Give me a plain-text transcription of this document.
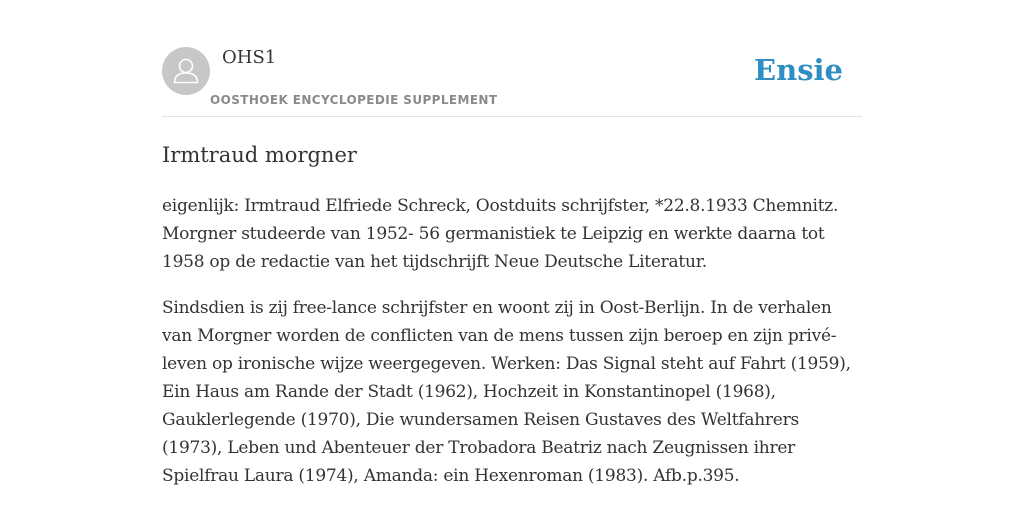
OHS1
OOSTHOEK ENCYCLOPEDIE SUPPLEMENT
Ensie
Irmtraud morgner

eigenlijk: Irmtraud Elfriede Schreck, Oostduits schrijfster, *22.8.1933 Chemnitz. Morgner studeerde van 1952- 56 germanistiek te Leipzig en werkte daarna tot 1958 op de redactie van het tijdschrijft Neue Deutsche Literatur.

Sindsdien is zij free-lance schrijfster en woont zij in Oost-Berlijn. In de verhalen van Morgner worden de conflicten van de mens tussen zijn beroep en zijn privé-leven op ironische wijze weergegeven. Werken: Das Signal steht auf Fahrt (1959), Ein Haus am Rande der Stadt (1962), Hochzeit in Konstantinopel (1968), Gauklerlegende (1970), Die wundersamen Reisen Gustaves des Weltfahrers (1973), Leben und Abenteuer der Trobadora Beatriz nach Zeugnissen ihrer Spielfrau Laura (1974), Amanda: ein Hexenroman (1983). Afb.p.395.
